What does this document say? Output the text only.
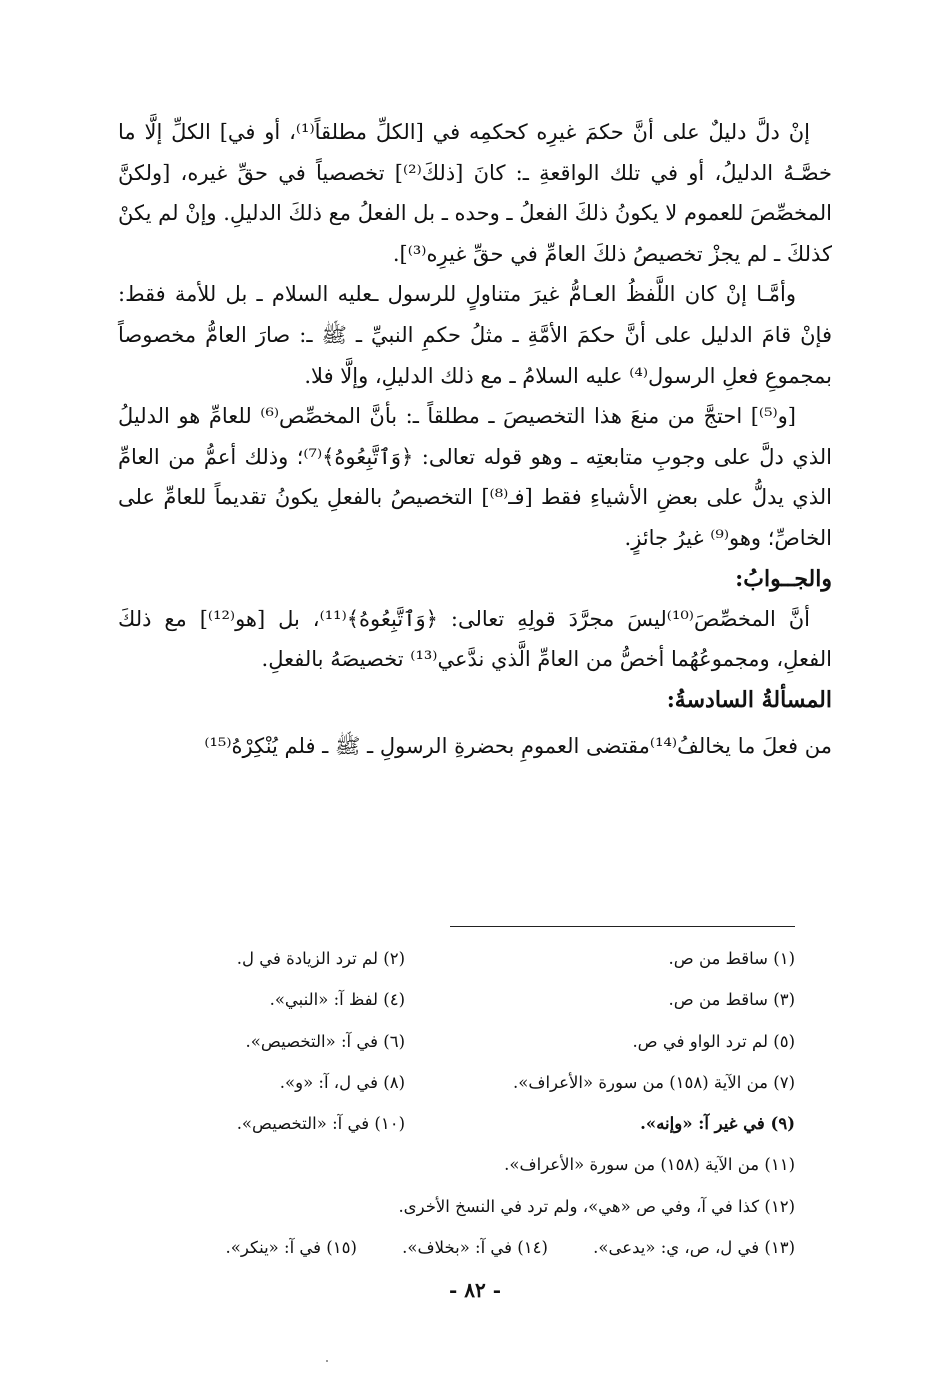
إنْ دلَّ دليلٌ على أنَّ حكمَ غيرِه كحكمِه في [الكلِّ مطلقاً⁽¹⁾، أو في] الكلِّ إلَّا ما خصَّـهُ الدليلُ، أو في تلك الواقعةِ ـ: كانَ [ذلكَ⁽²⁾] تخصصياً في حقِّ غيره، [ولكنَّ المخصِّصَ للعموم لا يكونُ ذلكَ الفعلُ ـ وحده ـ بل الفعلُ مع ذلكَ الدليلِ. وإنْ لم يكنْ كذلكَ ـ لم يجزْ تخصيصُ ذلكَ العامِّ في حقِّ غيرِه⁽³⁾].

وأمَّـا إنْ كان اللَّفظُ العـامُّ غيرَ متناولٍ للرسول ـعليه السلام ـ بل للأمة فقط: فإنْ قامَ الدليل على أنَّ حكمَ الأمَّةِ ـ مثلُ حكمِ النبيِّ ـ ﷺ ـ: صارَ العامُّ مخصوصاً بمجموعِ فعلِ الرسول⁽⁴⁾ عليه السلامُ ـ مع ذلك الدليلِ، وإلَّا فلا.

[و⁽⁵⁾] احتجَّ من منعَ هذا التخصيصَ ـ مطلقاً ـ: بأنَّ المخصِّص⁽⁶⁾ للعامِّ هو الدليلُ الذي دلَّ على وجوبِ متابعتِه ـ وهو قوله تعالى: ﴿وَٱتَّبِعُوهُ﴾⁽⁷⁾؛ وذلك أعمُّ من العامِّ الذي يدلُّ على بعضِ الأشياءِ فقط [فـ⁽⁸⁾] التخصيصُ بالفعلِ يكونُ تقديماً للعامِّ على الخاصِّ؛ وهو⁽⁹⁾ غيرُ جائزٍ.

والجــوابُ:

أنَّ المخصِّصَ⁽¹⁰⁾ليسَ مجرَّدَ قولِهِ تعالى: ﴿وَٱتَّبِعُوهُ﴾⁽¹¹⁾، بل [هو⁽¹²⁾] مع ذلكَ الفعلِ، ومجموعُهُما أخصُّ من العامِّ الَّذي ندَّعي⁽¹³⁾ تخصيصَهُ بالفعلِ.

المسألةُ السادسةُ:

من فعلَ ما يخالفُ⁽¹⁴⁾مقتضى العمومِ بحضرةِ الرسولِ ـ ﷺ ـ فلم يُنْكِرْهُ⁽¹⁵⁾

(١) ساقط من ص.
(٢) لم ترد الزيادة في ل.
(٣) ساقط من ص.
(٤) لفظ آ: «النبي».
(٥) لم ترد الواو في ص.
(٦) في آ: «التخصيص».
(٧) من الآية (١٥٨) من سورة «الأعراف».
(٨) في ل، آ: «و».
(٩) في غير آ: «وإنه».
(١٠) في آ: «التخصيص».
(١١) من الآية (١٥٨) من سورة «الأعراف».
(١٢) كذا في آ، وفي ص «هي»، ولم ترد في النسخ الأخرى.
(١٣) في ل، ص، ي: «يدعى». (١٤) في آ: «بخلاف». (١٥) في آ: «ينكر».
- ٨٢ -
